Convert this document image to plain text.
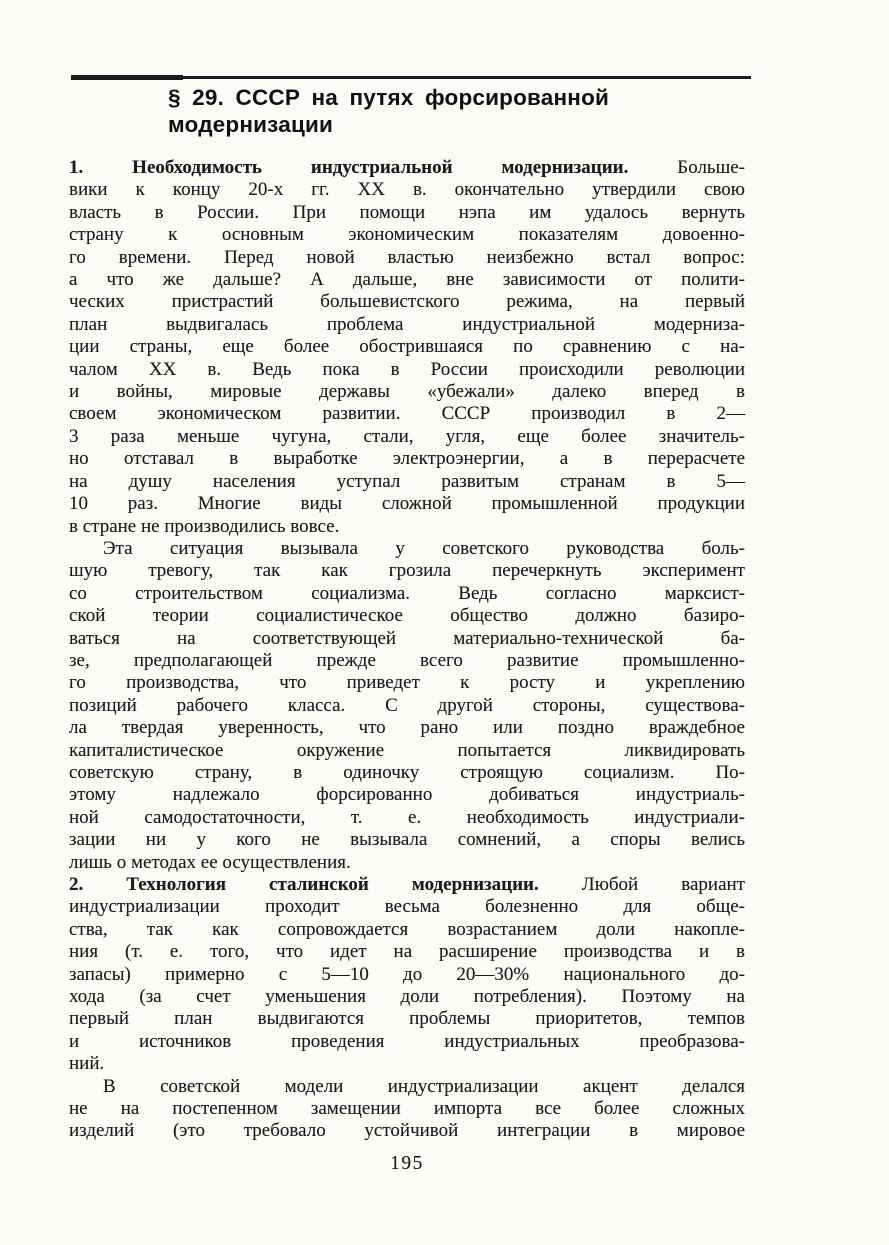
§ 29. СССР на путях форсированной
модернизации
1. Необходимость индустриальной модернизации. Больше-
вики к концу 20-х гг. XX в. окончательно утвердили свою
власть в России. При помощи нэпа им удалось вернуть
страну к основным экономическим показателям довоенно-
го времени. Перед новой властью неизбежно встал вопрос:
а что же дальше? А дальше, вне зависимости от полити-
ческих пристрастий большевистского режима, на первый
план выдвигалась проблема индустриальной модерниза-
ции страны, еще более обострившаяся по сравнению с на-
чалом XX в. Ведь пока в России происходили революции
и войны, мировые державы «убежали» далеко вперед в
своем экономическом развитии. СССР производил в 2—
3 раза меньше чугуна, стали, угля, еще более значитель-
но отставал в выработке электроэнергии, а в перерасчете
на душу населения уступал развитым странам в 5—
10 раз. Многие виды сложной промышленной продукции
в стране не производились вовсе.
Эта ситуация вызывала у советского руководства боль-
шую тревогу, так как грозила перечеркнуть эксперимент
со строительством социализма. Ведь согласно марксист-
ской теории социалистическое общество должно базиро-
ваться на соответствующей материально-технической ба-
зе, предполагающей прежде всего развитие промышленно-
го производства, что приведет к росту и укреплению
позиций рабочего класса. С другой стороны, существова-
ла твердая уверенность, что рано или поздно враждебное
капиталистическое окружение попытается ликвидировать
советскую страну, в одиночку строящую социализм. По-
этому надлежало форсированно добиваться индустриаль-
ной самодостаточности, т. е. необходимость индустриали-
зации ни у кого не вызывала сомнений, а споры велись
лишь о методах ее осуществления.
2. Технология сталинской модернизации. Любой вариант
индустриализации проходит весьма болезненно для обще-
ства, так как сопровождается возрастанием доли накопле-
ния (т. е. того, что идет на расширение производства и в
запасы) примерно с 5—10 до 20—30% национального до-
хода (за счет уменьшения доли потребления). Поэтому на
первый план выдвигаются проблемы приоритетов, темпов
и источников проведения индустриальных преобразова-
ний.
В советской модели индустриализации акцент делался
не на постепенном замещении импорта все более сложных
изделий (это требовало устойчивой интеграции в мировое
195
